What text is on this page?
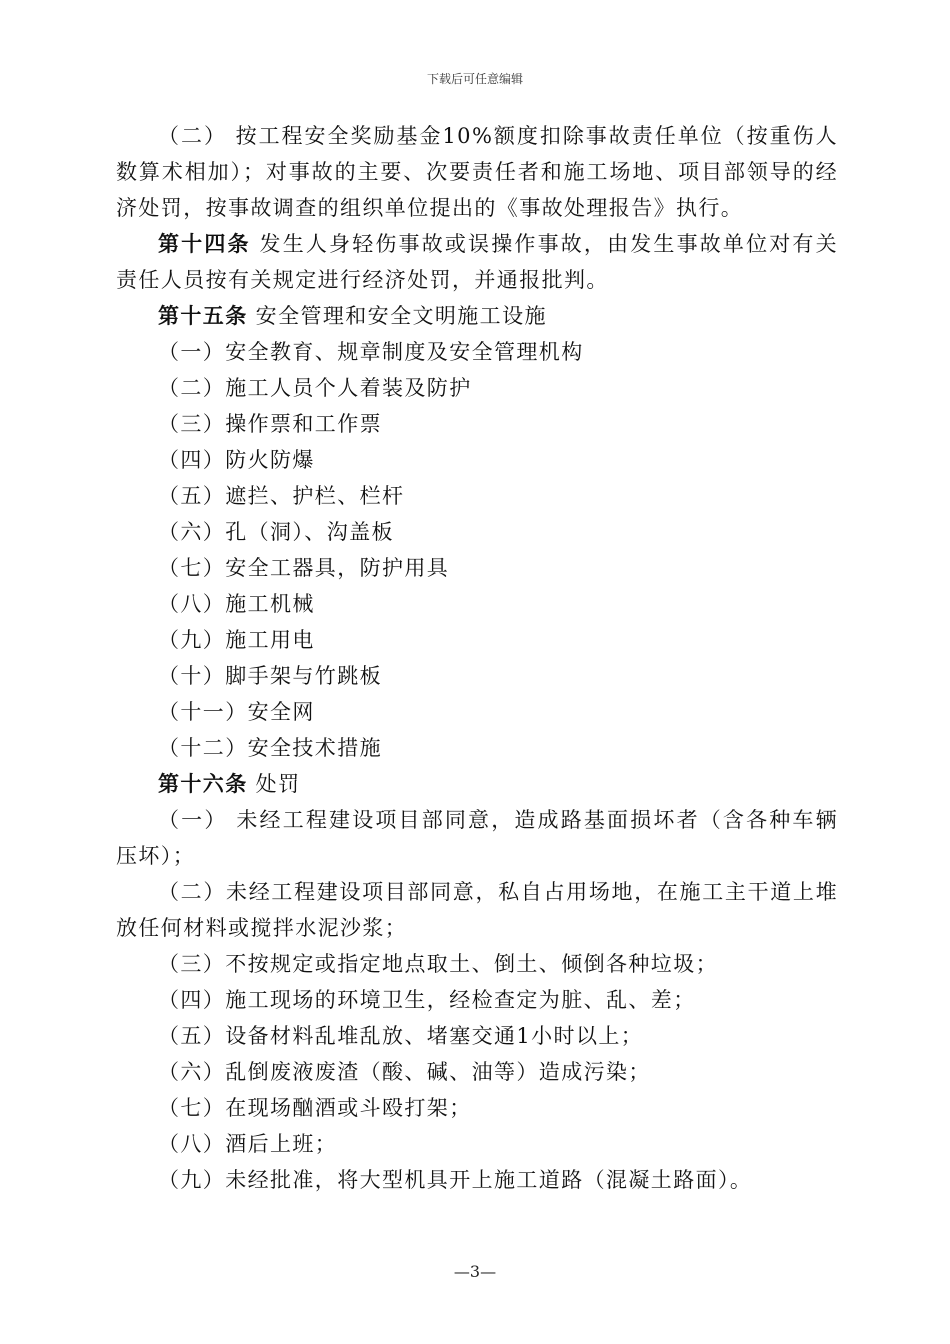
下载后可任意编辑

（二） 按工程安全奖励基金10%额度扣除事故责任单位（按重伤人数算术相加）；对事故的主要、次要责任者和施工场地、项目部领导的经济处罚，按事故调查的组织单位提出的《事故处理报告》执行。

第十四条 发生人身轻伤事故或误操作事故，由发生事故单位对有关责任人员按有关规定进行经济处罚，并通报批判。

第十五条 安全管理和安全文明施工设施

（一）安全教育、规章制度及安全管理机构

（二）施工人员个人着装及防护

（三）操作票和工作票

（四）防火防爆

（五）遮拦、护栏、栏杆

（六）孔（洞）、沟盖板

（七）安全工器具，防护用具

（八）施工机械

（九）施工用电

（十）脚手架与竹跳板

（十一）安全网

（十二）安全技术措施

第十六条 处罚

（一） 未经工程建设项目部同意，造成路基面损坏者（含各种车辆压坏）；

（二）未经工程建设项目部同意，私自占用场地，在施工主干道上堆放任何材料或搅拌水泥沙浆；

（三）不按规定或指定地点取土、倒土、倾倒各种垃圾；

（四）施工现场的环境卫生，经检查定为脏、乱、差；

（五）设备材料乱堆乱放、堵塞交通1小时以上；

（六）乱倒废液废渣（酸、碱、油等）造成污染；

（七）在现场酗酒或斗殴打架；

（八）酒后上班；

（九）未经批准，将大型机具开上施工道路（混凝土路面）。

—3—
